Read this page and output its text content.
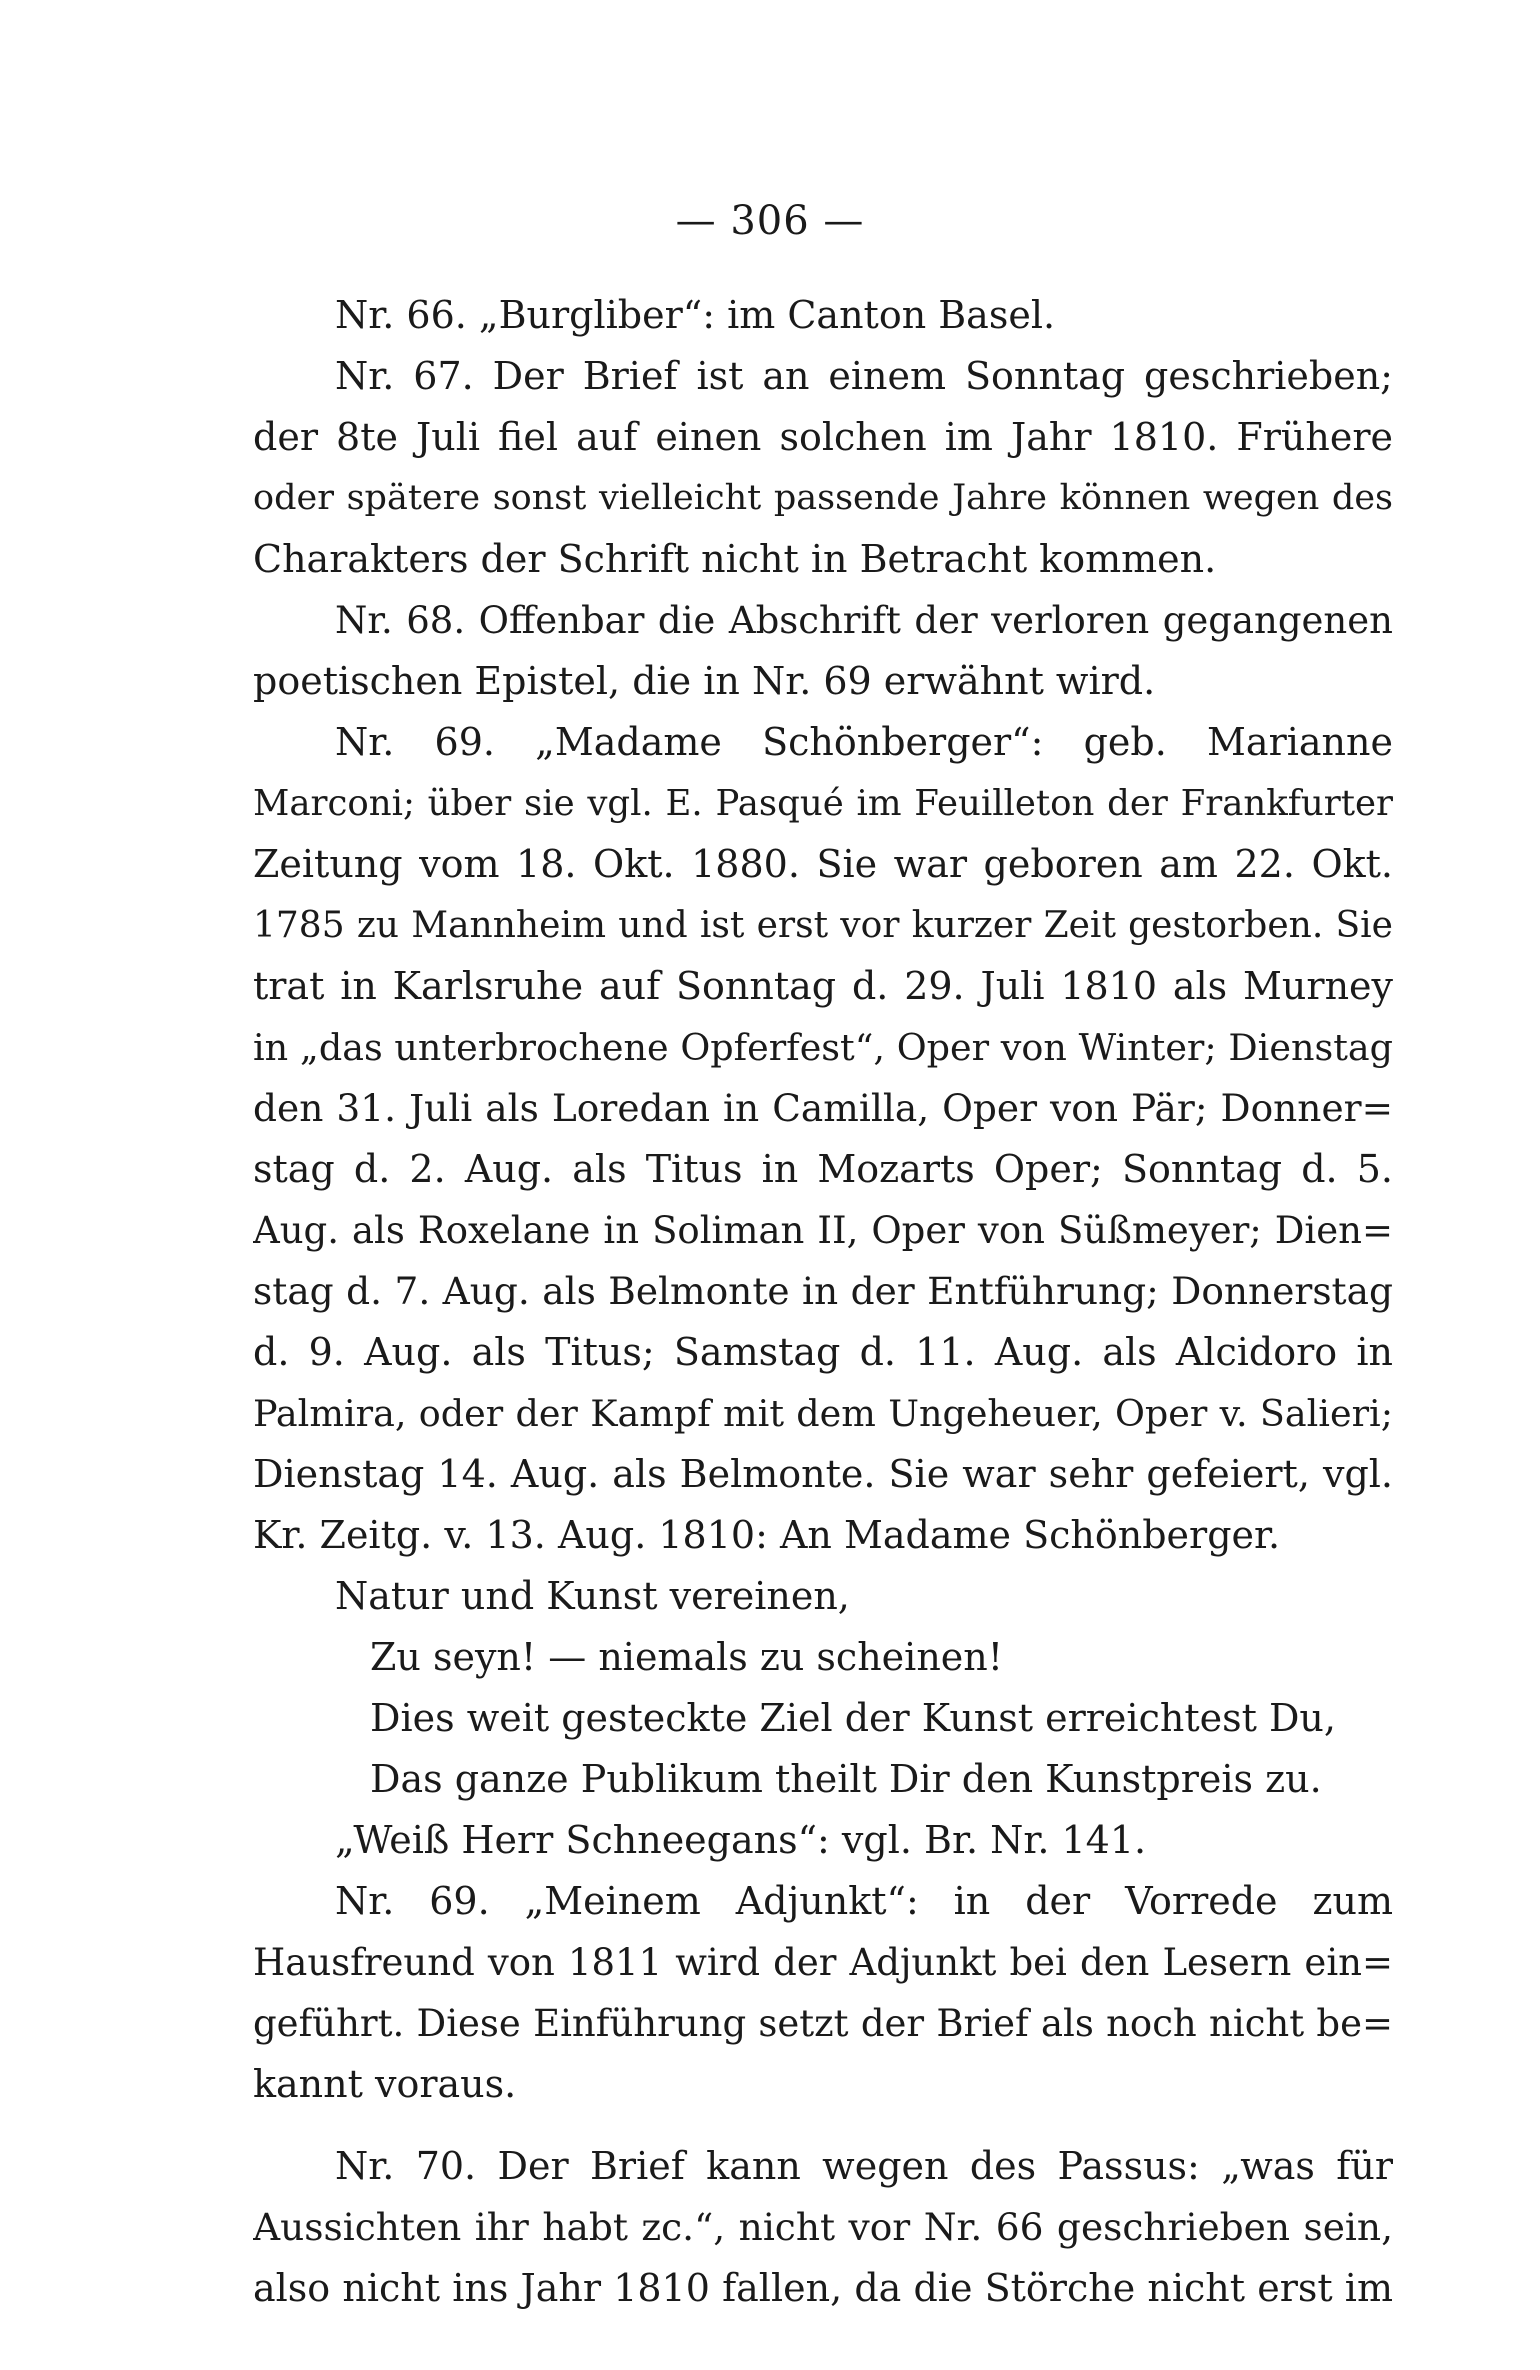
— 306 —
Nr. 66. „Burgliber“: im Canton Basel.
Nr. 67. Der Brief ist an einem Sonntag geschrieben;
der 8te Juli fiel auf einen solchen im Jahr 1810. Frühere
oder spätere sonst vielleicht passende Jahre können wegen des
Charakters der Schrift nicht in Betracht kommen.
Nr. 68. Offenbar die Abschrift der verloren gegangenen
poetischen Epistel, die in Nr. 69 erwähnt wird.
Nr. 69. „Madame Schönberger“: geb. Marianne
Marconi; über sie vgl. E. Pasqué im Feuilleton der Frankfurter
Zeitung vom 18. Okt. 1880. Sie war geboren am 22. Okt.
1785 zu Mannheim und ist erst vor kurzer Zeit gestorben. Sie
trat in Karlsruhe auf Sonntag d. 29. Juli 1810 als Murney
in „das unterbrochene Opferfest“, Oper von Winter; Dienstag
den 31. Juli als Loredan in Camilla, Oper von Pär; Donner=
stag d. 2. Aug. als Titus in Mozarts Oper; Sonntag d. 5.
Aug. als Roxelane in Soliman II, Oper von Süßmeyer; Dien=
stag d. 7. Aug. als Belmonte in der Entführung; Donnerstag
d. 9. Aug. als Titus; Samstag d. 11. Aug. als Alcidoro in
Palmira, oder der Kampf mit dem Ungeheuer, Oper v. Salieri;
Dienstag 14. Aug. als Belmonte. Sie war sehr gefeiert, vgl.
Kr. Zeitg. v. 13. Aug. 1810: An Madame Schönberger.
Natur und Kunst vereinen,
Zu seyn! — niemals zu scheinen!
Dies weit gesteckte Ziel der Kunst erreichtest Du,
Das ganze Publikum theilt Dir den Kunstpreis zu.
„Weiß Herr Schneegans“: vgl. Br. Nr. 141.
Nr. 69. „Meinem Adjunkt“: in der Vorrede zum
Hausfreund von 1811 wird der Adjunkt bei den Lesern ein=
geführt. Diese Einführung setzt der Brief als noch nicht be=
kannt voraus.
Nr. 70. Der Brief kann wegen des Passus: „was für
Aussichten ihr habt zc.“, nicht vor Nr. 66 geschrieben sein,
also nicht ins Jahr 1810 fallen, da die Störche nicht erst im
